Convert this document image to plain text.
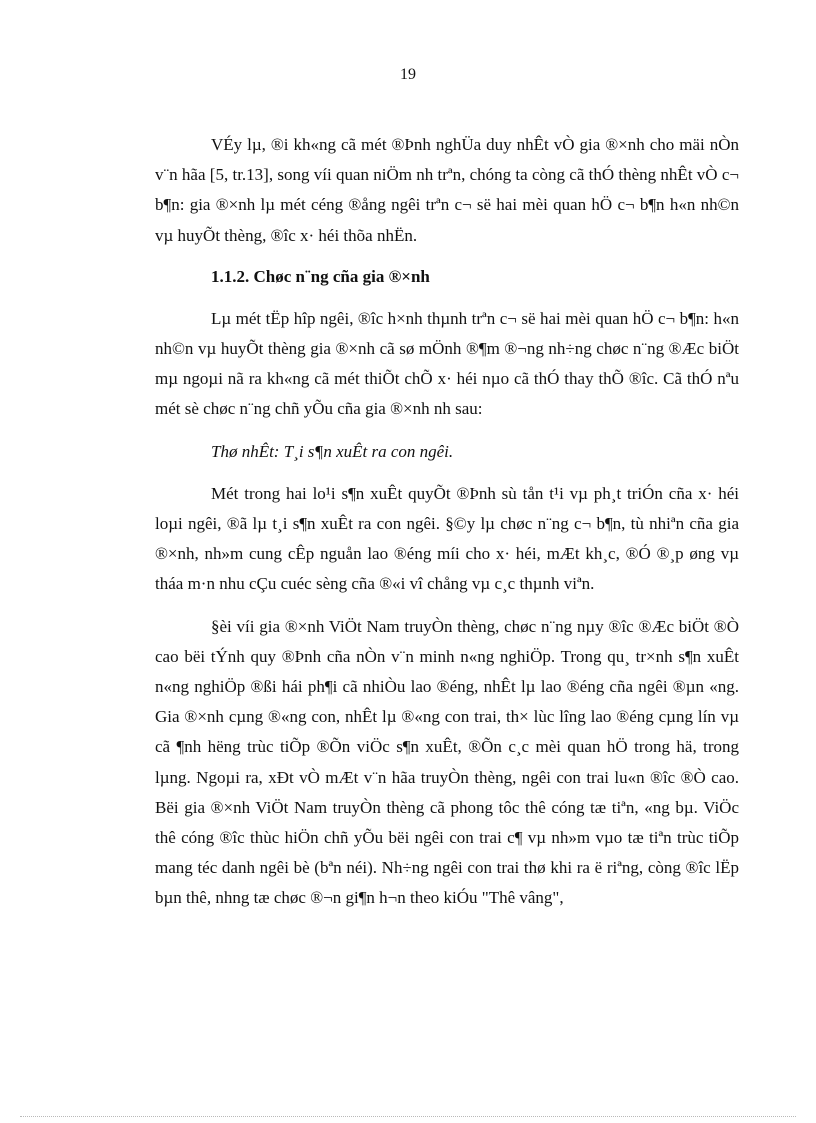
19

VÉy lµ, ®i kh«ng cã mét ®Þnh nghÜa duy nhÊt vÒ gia ®×nh cho mäi nÒn v¨n hãa [5, tr.13], song víi quan niÖm nh trªn, chóng ta còng cã thÓ thèng nhÊt vÒ c¬ b¶n: gia ®×nh lµ mét céng ®ång ngêi trªn c¬ së hai mèi quan hÖ c¬ b¶n h«n nh©n vµ huyÕt thèng, ®îc x· héi thõa nhËn.

1.1.2. Chøc n¨ng cña gia ®×nh

Lµ mét tËp hîp ngêi, ®îc h×nh thµnh trªn c¬ së hai mèi quan hÖ c¬ b¶n: h«n nh©n vµ huyÕt thèng gia ®×nh cã sø mÖnh ®¶m ®¬ng nh÷ng chøc n¨ng ®Æc biÖt mµ ngoµi nã ra kh«ng cã mét thiÕt chÕ x· héi nµo cã thÓ thay thÕ ®îc. Cã thÓ nªu mét sè chøc n¨ng chñ yÕu cña gia ®×nh nh sau:

Thø nhÊt: T¸i s¶n xuÊt ra con ngêi.

Mét trong hai lo¹i s¶n xuÊt quyÕt ®Þnh sù tån t¹i vµ ph¸t triÓn cña x· héi loµi ngêi, ®ã lµ t¸i s¶n xuÊt ra con ngêi. §©y lµ chøc n¨ng c¬ b¶n, tù nhiªn cña gia ®×nh, nh»m cung cÊp nguån lao ®éng míi cho x· héi, mÆt kh¸c, ®Ó ®¸p øng vµ tháa m·n nhu cÇu cuéc sèng cña ®«i vî chång vµ c¸c thµnh viªn.

§èi víi gia ®×nh ViÖt Nam truyÒn thèng, chøc n¨ng nµy ®îc ®Æc biÖt ®Ò cao bëi tÝnh quy ®Þnh cña nÒn v¨n minh n«ng nghiÖp. Trong qu¸ tr×nh s¶n xuÊt n«ng nghiÖp ®ßi hái ph¶i cã nhiÒu lao ®éng, nhÊt lµ lao ®éng cña ngêi ®µn «ng. Gia ®×nh cµng ®«ng con, nhÊt lµ ®«ng con trai, th× lùc lîng lao ®éng cµng lín vµ cã ¶nh hëng trùc tiÕp ®Õn viÖc s¶n xuÊt, ®Õn c¸c mèi quan hÖ trong hä, trong lµng. Ngoµi ra, xÐt vÒ mÆt v¨n hãa truyÒn thèng, ngêi con trai lu«n ®îc ®Ò cao. Bëi gia ®×nh ViÖt Nam truyÒn thèng cã phong tôc thê cóng tæ tiªn, «ng bµ. ViÖc thê cóng ®îc thùc hiÖn chñ yÕu bëi ngêi con trai c¶ vµ nh»m vµo tæ tiªn trùc tiÕp mang téc danh ngêi bè (bªn néi). Nh÷ng ngêi con trai thø khi ra ë riªng, còng ®îc lËp bµn thê, nhng tæ chøc ®¬n gi¶n h¬n theo kiÓu "Thê vâng",
